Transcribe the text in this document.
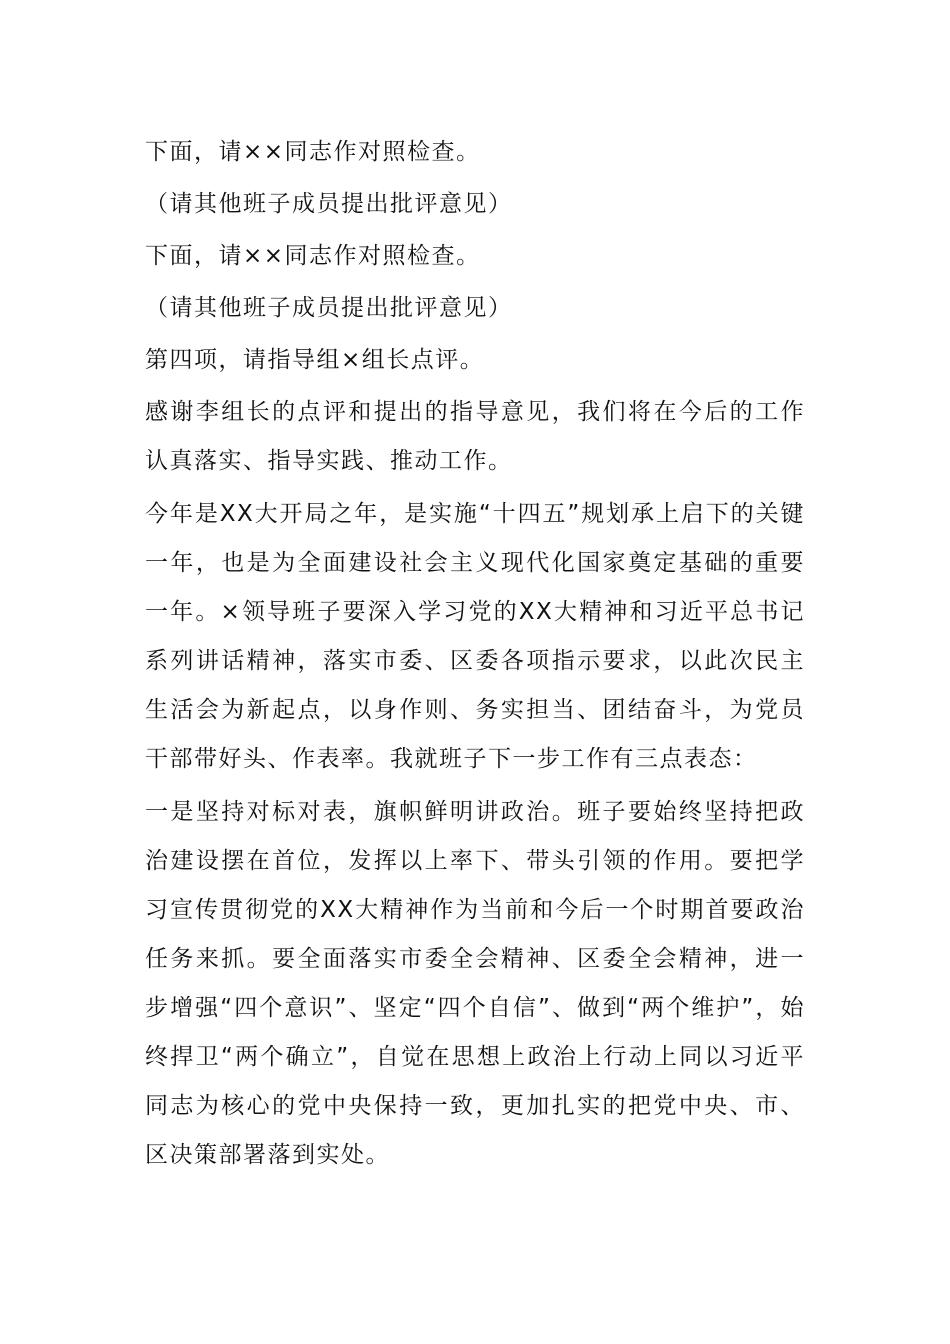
下面，请××同志作对照检查。

（请其他班子成员提出批评意见）

下面，请××同志作对照检查。

（请其他班子成员提出批评意见）

第四项，请指导组×组长点评。

感谢李组长的点评和提出的指导意见，我们将在今后的工作认真落实、指导实践、推动工作。

今年是XX大开局之年，是实施“十四五”规划承上启下的关键一年，也是为全面建设社会主义现代化国家奠定基础的重要一年。×领导班子要深入学习党的XX大精神和习近平总书记系列讲话精神，落实市委、区委各项指示要求，以此次民主生活会为新起点，以身作则、务实担当、团结奋斗，为党员干部带好头、作表率。我就班子下一步工作有三点表态：

一是坚持对标对表，旗帜鲜明讲政治。班子要始终坚持把政治建设摆在首位，发挥以上率下、带头引领的作用。要把学习宣传贯彻党的XX大精神作为当前和今后一个时期首要政治任务来抓。要全面落实市委全会精神、区委全会精神，进一步增强“四个意识”、坚定“四个自信”、做到“两个维护”，始终捍卫“两个确立”，自觉在思想上政治上行动上同以习近平同志为核心的党中央保持一致，更加扎实的把党中央、市、区决策部署落到实处。
